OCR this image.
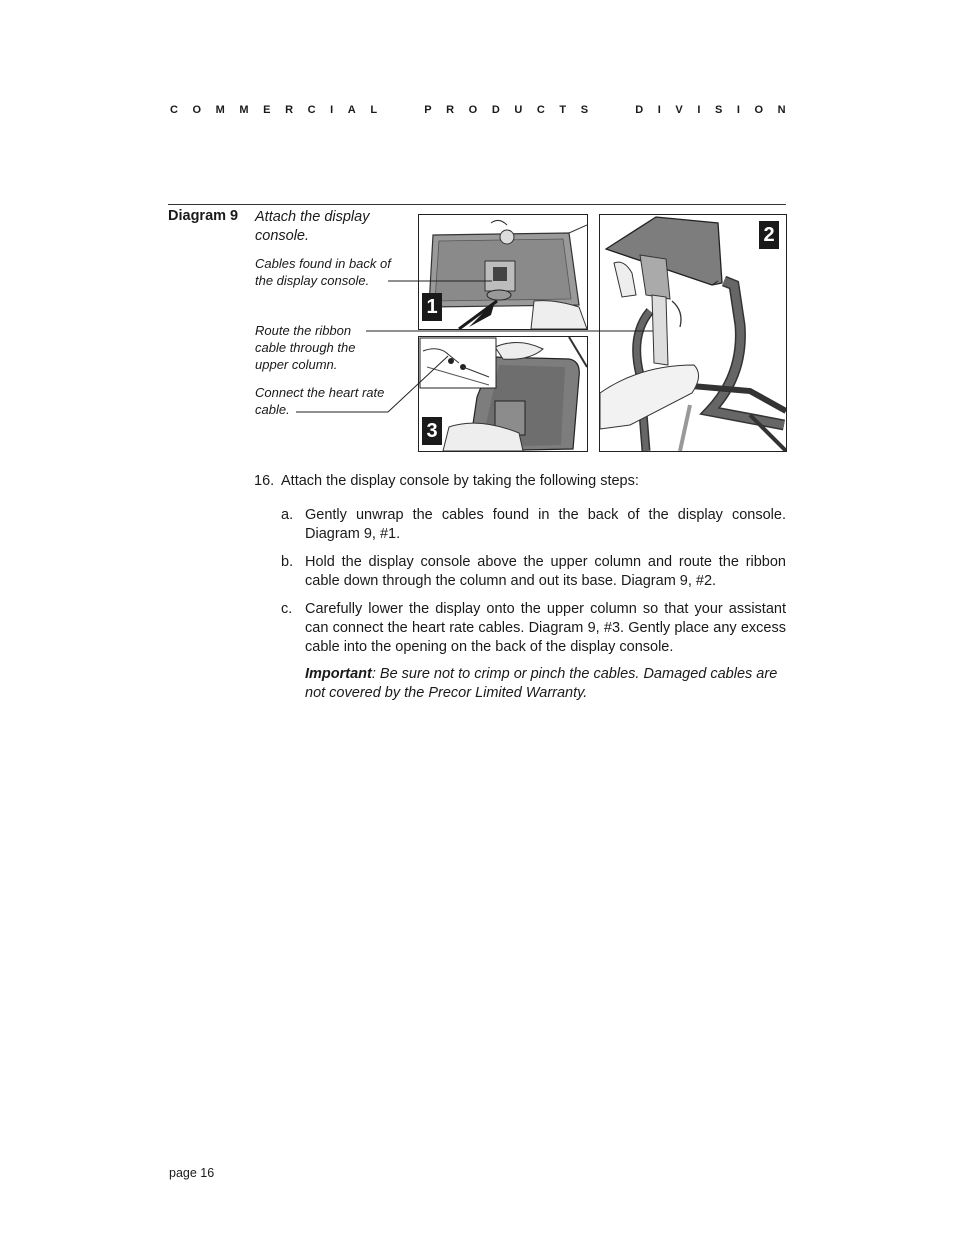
C O M M E R C I A L	P R O D U C T S	D I V I S I O N
Diagram 9 Attach the display console.
Cables found in back of the display console.
Route the ribbon cable through the upper column.
Connect the heart rate cable.
1
3
2
16. Attach the display console by taking the following steps:
a. Gently unwrap the cables found in the back of the display console. Diagram 9, #1.
b. Hold the display console above the upper column and route the ribbon cable down through the column and out its base. Diagram 9, #2.
c. Carefully lower the display onto the upper column so that your assistant can connect the heart rate cables. Diagram 9, #3. Gently place any excess cable into the opening on the back of the display console.
Important: Be sure not to crimp or pinch the cables. Damaged cables are not covered by the Precor Limited Warranty.
page 16
